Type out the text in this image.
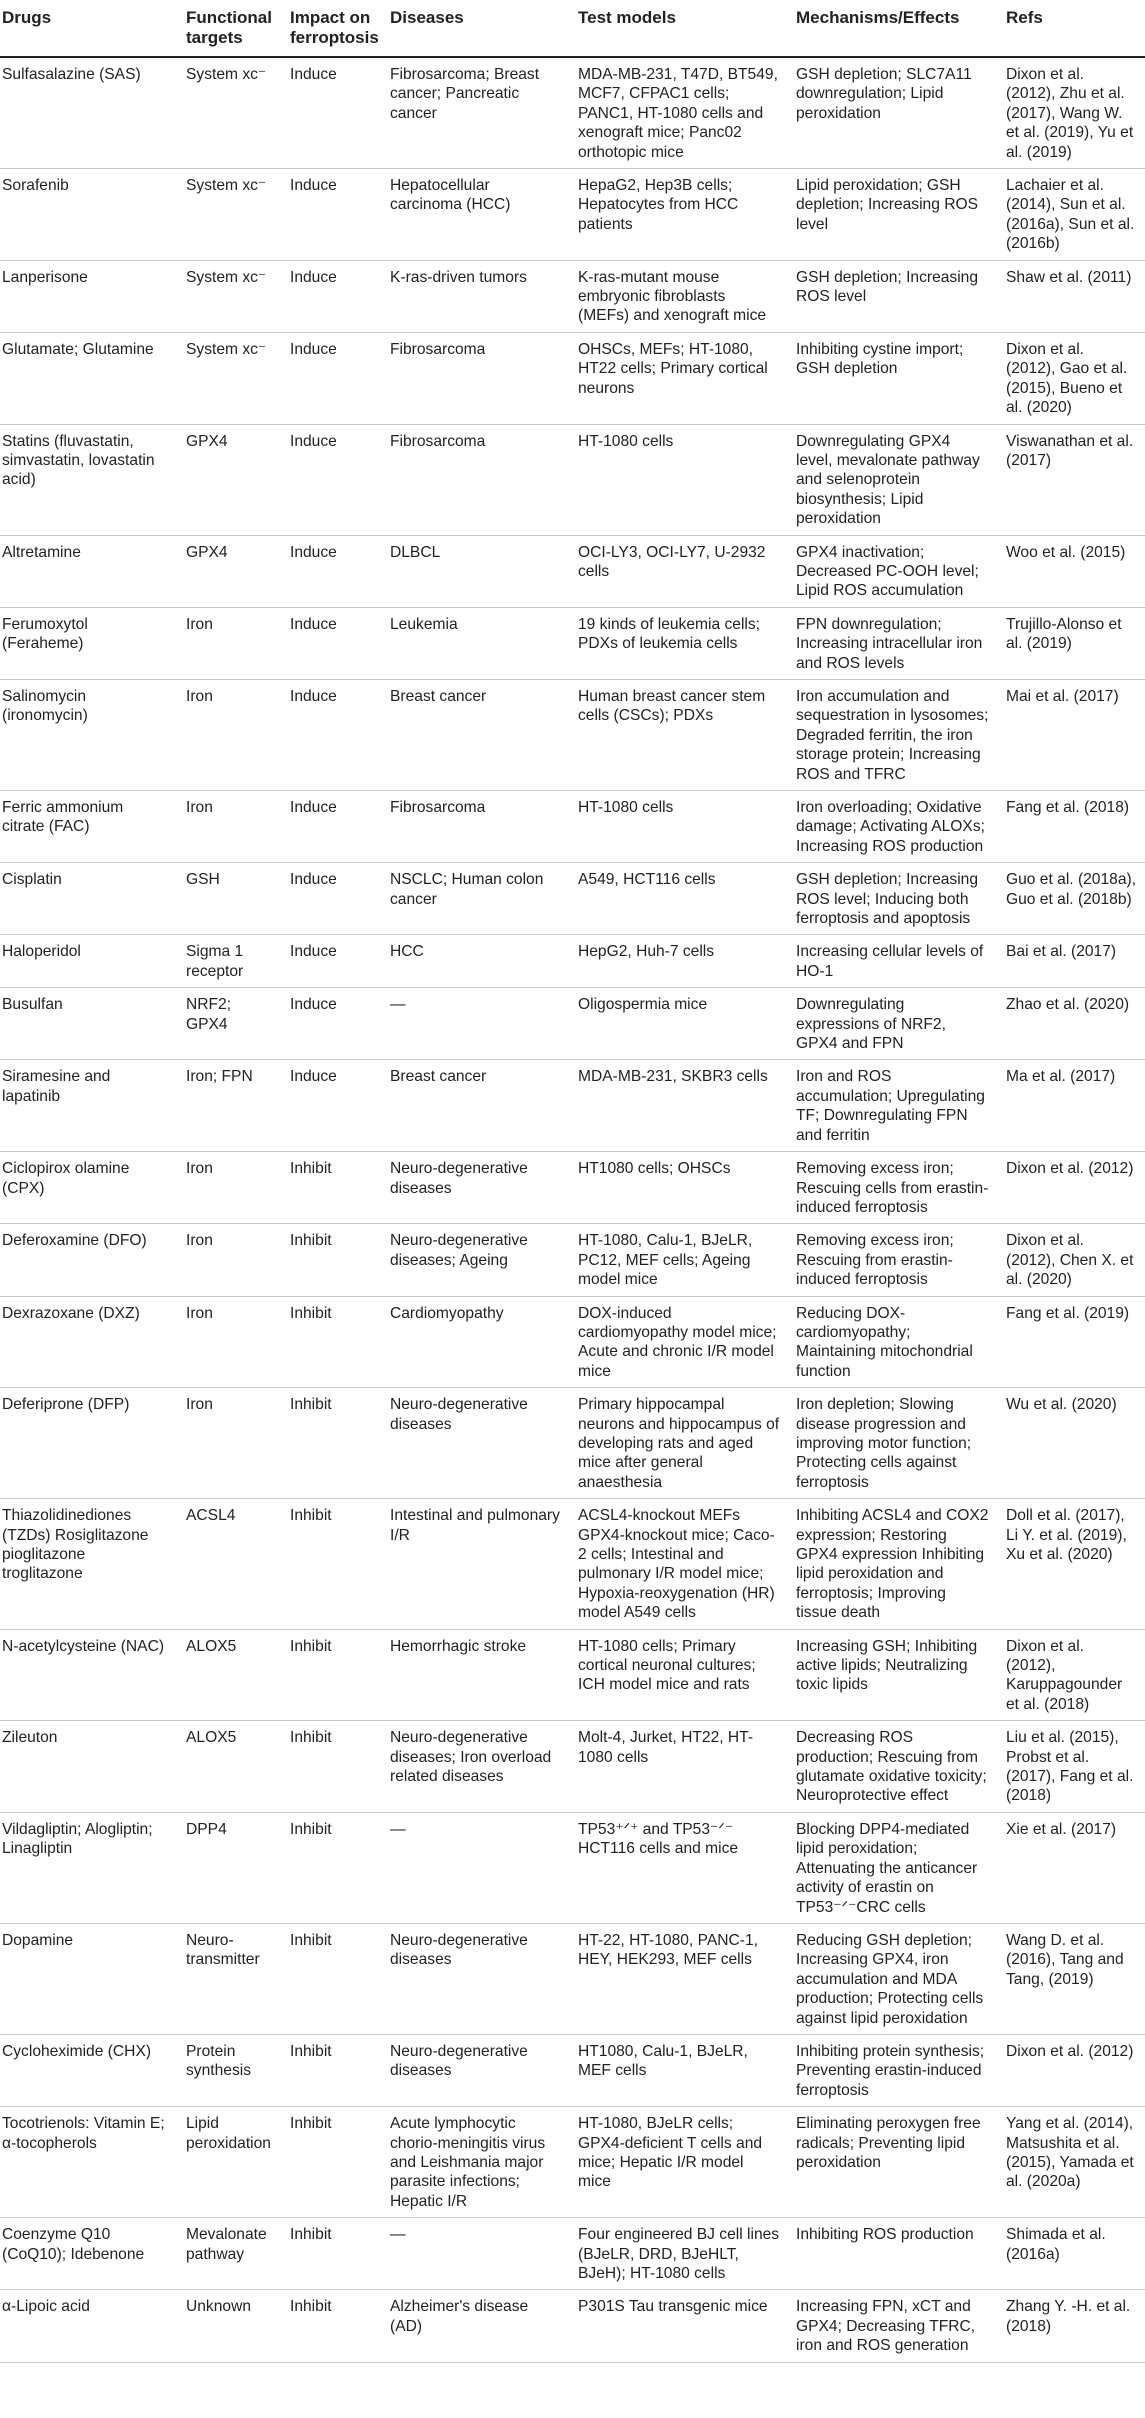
Drugs	Functional targets	Impact on ferroptosis	Diseases	Test models	Mechanisms/Effects	Refs
Sulfasalazine (SAS)	System xc⁻	Induce	Fibrosarcoma; Breast cancer; Pancreatic cancer	MDA-MB-231, T47D, BT549, MCF7, CFPAC1 cells; PANC1, HT-1080 cells and xenograft mice; Panc02 orthotopic mice	GSH depletion; SLC7A11 downregulation; Lipid peroxidation	Dixon et al. (2012), Zhu et al. (2017), Wang W. et al. (2019), Yu et al. (2019)
Sorafenib	System xc⁻	Induce	Hepatocellular carcinoma (HCC)	HepaG2, Hep3B cells; Hepatocytes from HCC patients	Lipid peroxidation; GSH depletion; Increasing ROS level	Lachaier et al. (2014), Sun et al. (2016a), Sun et al. (2016b)
Lanperisone	System xc⁻	Induce	K-ras-driven tumors	K-ras-mutant mouse embryonic fibroblasts (MEFs) and xenograft mice	GSH depletion; Increasing ROS level	Shaw et al. (2011)
Glutamate; Glutamine	System xc⁻	Induce	Fibrosarcoma	OHSCs, MEFs; HT-1080, HT22 cells; Primary cortical neurons	Inhibiting cystine import; GSH depletion	Dixon et al. (2012), Gao et al. (2015), Bueno et al. (2020)
Statins (fluvastatin, simvastatin, lovastatin acid)	GPX4	Induce	Fibrosarcoma	HT-1080 cells	Downregulating GPX4 level, mevalonate pathway and selenoprotein biosynthesis; Lipid peroxidation	Viswanathan et al. (2017)
Altretamine	GPX4	Induce	DLBCL	OCI-LY3, OCI-LY7, U-2932 cells	GPX4 inactivation; Decreased PC-OOH level; Lipid ROS accumulation	Woo et al. (2015)
Ferumoxytol (Feraheme)	Iron	Induce	Leukemia	19 kinds of leukemia cells; PDXs of leukemia cells	FPN downregulation; Increasing intracellular iron and ROS levels	Trujillo-Alonso et al. (2019)
Salinomycin (ironomycin)	Iron	Induce	Breast cancer	Human breast cancer stem cells (CSCs); PDXs	Iron accumulation and sequestration in lysosomes; Degraded ferritin, the iron storage protein; Increasing ROS and TFRC	Mai et al. (2017)
Ferric ammonium citrate (FAC)	Iron	Induce	Fibrosarcoma	HT-1080 cells	Iron overloading; Oxidative damage; Activating ALOXs; Increasing ROS production	Fang et al. (2018)
Cisplatin	GSH	Induce	NSCLC; Human colon cancer	A549, HCT116 cells	GSH depletion; Increasing ROS level; Inducing both ferroptosis and apoptosis	Guo et al. (2018a), Guo et al. (2018b)
Haloperidol	Sigma 1 receptor	Induce	HCC	HepG2, Huh-7 cells	Increasing cellular levels of HO-1	Bai et al. (2017)
Busulfan	NRF2; GPX4	Induce	—	Oligospermia mice	Downregulating expressions of NRF2, GPX4 and FPN	Zhao et al. (2020)
Siramesine and lapatinib	Iron; FPN	Induce	Breast cancer	MDA-MB-231, SKBR3 cells	Iron and ROS accumulation; Upregulating TF; Downregulating FPN and ferritin	Ma et al. (2017)
Ciclopirox olamine (CPX)	Iron	Inhibit	Neuro-degenerative diseases	HT1080 cells; OHSCs	Removing excess iron; Rescuing cells from erastin-induced ferroptosis	Dixon et al. (2012)
Deferoxamine (DFO)	Iron	Inhibit	Neuro-degenerative diseases; Ageing	HT-1080, Calu-1, BJeLR, PC12, MEF cells; Ageing model mice	Removing excess iron; Rescuing from erastin-induced ferroptosis	Dixon et al. (2012), Chen X. et al. (2020)
Dexrazoxane (DXZ)	Iron	Inhibit	Cardiomyopathy	DOX-induced cardiomyopathy model mice; Acute and chronic I/R model mice	Reducing DOX-cardiomyopathy; Maintaining mitochondrial function	Fang et al. (2019)
Deferiprone (DFP)	Iron	Inhibit	Neuro-degenerative diseases	Primary hippocampal neurons and hippocampus of developing rats and aged mice after general anaesthesia	Iron depletion; Slowing disease progression and improving motor function; Protecting cells against ferroptosis	Wu et al. (2020)
Thiazolidinediones (TZDs) Rosiglitazone pioglitazone troglitazone	ACSL4	Inhibit	Intestinal and pulmonary I/R	ACSL4-knockout MEFs GPX4-knockout mice; Caco-2 cells; Intestinal and pulmonary I/R model mice; Hypoxia-reoxygenation (HR) model A549 cells	Inhibiting ACSL4 and COX2 expression; Restoring GPX4 expression Inhibiting lipid peroxidation and ferroptosis; Improving tissue death	Doll et al. (2017), Li Y. et al. (2019), Xu et al. (2020)
N-acetylcysteine (NAC)	ALOX5	Inhibit	Hemorrhagic stroke	HT-1080 cells; Primary cortical neuronal cultures; ICH model mice and rats	Increasing GSH; Inhibiting active lipids; Neutralizing toxic lipids	Dixon et al. (2012), Karuppagounder et al. (2018)
Zileuton	ALOX5	Inhibit	Neuro-degenerative diseases; Iron overload related diseases	Molt-4, Jurket, HT22, HT-1080 cells	Decreasing ROS production; Rescuing from glutamate oxidative toxicity; Neuroprotective effect	Liu et al. (2015), Probst et al. (2017), Fang et al. (2018)
Vildagliptin; Alogliptin; Linagliptin	DPP4	Inhibit	—	TP53⁺ᐟ⁺ and TP53⁻ᐟ⁻ HCT116 cells and mice	Blocking DPP4-mediated lipid peroxidation; Attenuating the anticancer activity of erastin on TP53⁻ᐟ⁻CRC cells	Xie et al. (2017)
Dopamine	Neuro-transmitter	Inhibit	Neuro-degenerative diseases	HT-22, HT-1080, PANC-1, HEY, HEK293, MEF cells	Reducing GSH depletion; Increasing GPX4, iron accumulation and MDA production; Protecting cells against lipid peroxidation	Wang D. et al. (2016), Tang and Tang, (2019)
Cycloheximide (CHX)	Protein synthesis	Inhibit	Neuro-degenerative diseases	HT1080, Calu-1, BJeLR, MEF cells	Inhibiting protein synthesis; Preventing erastin-induced ferroptosis	Dixon et al. (2012)
Tocotrienols: Vitamin E; α-tocopherols	Lipid peroxidation	Inhibit	Acute lymphocytic chorio-meningitis virus and Leishmania major parasite infections; Hepatic I/R	HT-1080, BJeLR cells; GPX4-deficient T cells and mice; Hepatic I/R model mice	Eliminating peroxygen free radicals; Preventing lipid peroxidation	Yang et al. (2014), Matsushita et al. (2015), Yamada et al. (2020a)
Coenzyme Q10 (CoQ10); Idebenone	Mevalonate pathway	Inhibit	—	Four engineered BJ cell lines (BJeLR, DRD, BJeHLT, BJeH); HT-1080 cells	Inhibiting ROS production	Shimada et al. (2016a)
α-Lipoic acid	Unknown	Inhibit	Alzheimer's disease (AD)	P301S Tau transgenic mice	Increasing FPN, xCT and GPX4; Decreasing TFRC, iron and ROS generation	Zhang Y. -H. et al. (2018)
